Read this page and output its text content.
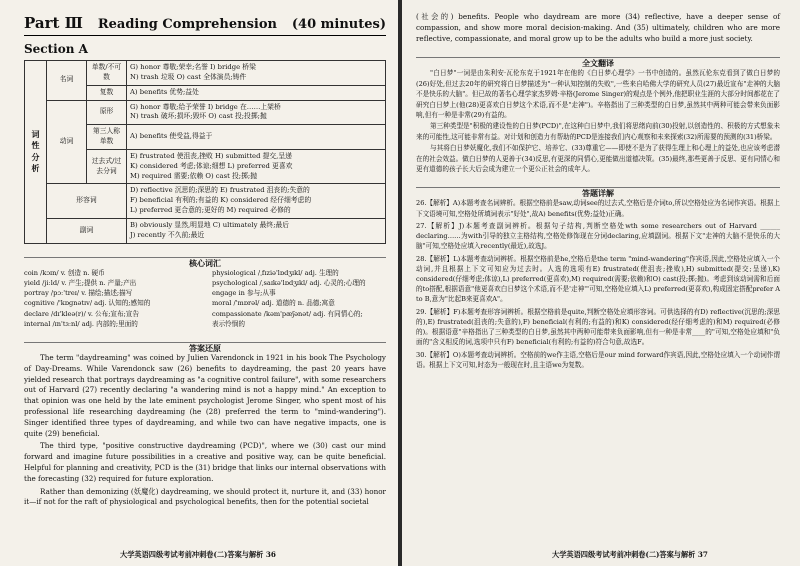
Part Ⅲ Reading Comprehension (40 minutes)
Section A
词性分析	名词	单数/不可数	G) honor 尊敬;荣幸;名誉 I) bridge 桥梁
N) trash 垃圾 O) cast 全体演员;铸件
		复数	A) benefits 优势;益处
	动词	原形	G) honor 尊敬;给予荣誉 I) bridge 在……上架桥
N) trash 破坏;损坏;毁坏 O) cast 投;投掷;抛
		第三人称单数	A) benefits 使受益,得益于
		过去式/过去分词	E) frustrated 使沮丧,挫败 H) submitted 提交,呈递
K) considered 考虑;体谅;细想 L) preferred 更喜欢
M) required 需要;依赖 O) cast 投;掷;抛
	形容词		D) reflective 沉思的;深思的 E) frustrated 沮丧的;失意的
F) beneficial 有利的;有益的 K) considered 经仔细考虑的
L) preferred 更合意的;更好的 M) required 必修的
	副词		B) obviously 显然,明显地 C) ultimately 最终;最后
J) recently 不久前;最近
核心词汇
coin /kɔɪn/ v. 创造 n. 硬币	physiological /ˌfɪziə'lɒdʒɪkl/ adj. 生理的
yield /jiːld/ v. 产生;提供 n. 产量;产出	psychological /ˌsaɪkə'lɒdʒɪkl/ adj. 心灵的;心理的
portray /pɔː'treɪ/ v. 描绘;描述;描写	engage in 参与;从事
cognitive /'kɒɡnətɪv/ adj. 认知的;感知的	moral /'mɒrəl/ adj. 道德的 n. 品德;寓意
declare /dɪ'kleə(r)/ v. 公布;宣布;宣告	compassionate /kəm'pæʃənət/ adj. 有同情心的;
internal /ɪn'tɜːnl/ adj. 内部的;里面的	表示怜悯的
答案还原

The term "daydreaming" was coined by Julien Varendonck in 1921 in his book The Psychology of Day-Dreams. While Varendonck saw (26) benefits to daydreaming, the past 20 years have yielded research that portrays daydreaming as "a cognitive control failure", with some researchers out of Harvard (27) recently declaring "a wandering mind is not a happy mind." An exception to that opinion was one held by the late eminent psychologist Jerome Singer, who spent most of his professional life researching daydreaming (he (28) preferred the term to "mind-wandering"). Singer identified three types of daydreaming, and while two can have negative impacts, one is quite (29) beneficial.

The third type, "positive constructive daydreaming (PCD)", where we (30) cast our mind forward and imagine future possibilities in a creative and positive way, can be quite beneficial. Helpful for planning and creativity, PCD is the (31) bridge that links our internal observations with the forecasting (32) required for future exploration.

Rather than demonizing (妖魔化) daydreaming, we should protect it, nurture it, and (33) honor it—if not for the raft of physiological and psychological benefits, then for the potential societal

大学英语四级考试考前冲刺卷(二)答案与解析 36

(社会的) benefits. People who daydream are more (34) reflective, have a deeper sense of compassion, and show more moral decision-making. And (35) ultimately, children who are more reflective, compassionate, and moral grow up to be the adults who build a more just society.

全文翻译

"白日梦"一词是由朱利安·瓦伦东克于1921年在他的《白日梦心理学》一书中创造的。虽然瓦伦东克看到了做白日梦的(26)好处,但过去20年的研究将白日梦描述为"一种认知控制的失败",一些来自哈佛大学的研究人员(27)最近宣布"走神的大脑不是快乐的大脑"。但已故的著名心理学家杰罗姆·辛格(Jerome Singer)的观点是个例外,他把职业生涯的大部分时间都花在了研究白日梦上(他(28)更喜欢白日梦这个术语,而不是"走神")。辛格指出了三种类型的白日梦,虽然其中两种可能会带来负面影响,但有一种是非常(29)有益的。

第三种类型是"积极的建设性的白日梦(PCD)",在这种白日梦中,我们将思绪向前(30)投射,以创造性的、积极的方式想象未来的可能性,这可能非常有益。对计划和创造力有帮助的PCD是连接我们内心观察和未来探索(32)所需要的预测的(31)桥梁。

与其将白日梦妖魔化,我们不如保护它、培养它、(33)尊重它——即使不是为了获得生理上和心理上的益处,也应该考虑潜在的社会效益。做白日梦的人更善于(34)反思,有更深的同情心,更能做出道德决策。(35)最终,那些更善于反思、更有同情心和更有道德的孩子长大后会成为建立一个更公正社会的成年人。

答题详解

26.【解析】A)本题考查名词辨析。根据空格前是saw,动词see的过去式,空格后是介词to,所以空格处应为名词作宾语。根据上下文语境可知,空格处所填词表示"好处",故A) benefits(优势;益处)正确。

27.【解析】J)本题考查副词辨析。根据句子结构,判断空格处wth some researchers out of Harvard ______ declaring……为with引导的独立主格结构,空格处修饰现在分词declaring,应填副词。根据下文"走神的大脑不是快乐的大脑"可知,空格处应填入recently(最近),故选J。

28.【解析】L)本题考查动词辨析。根据空格前是he,空格后是the term "mind-wandering"作宾语,因此,空格处应填入一个动词,并且根据上下文可知应为过去时。人选的选项有E) frustrated(使沮丧;挫败),H) submitted(提交;呈递),K) considered(仔细考虑;体谅),L) preferred(更喜欢),M) required(需要;依赖)和O) cast(投;掷;抛)。考虑到该动词需和后面的to搭配,根据语意"他更喜欢白日梦这个术语,而不是'走神'"可知,空格处应填入L) preferred(更喜欢),构成固定搭配prefer A to B,意为"比起B来更喜欢A"。

29.【解析】F)本题考查形容词辨析。根据空格前是quite,判断空格处应填形容词。可供选择的有D) reflective(沉思的;深思的),E) frustrated(沮丧的;失意的),F) beneficial(有利的;有益的)和K) considered(经仔细考虑的)和M) required(必修的)。根据语意"辛格指出了三种类型的白日梦,虽然其中两种可能带来负面影响,但有一种是非常____的"可知,空格处应填和"负面的"含义相反的词,选项中只有F) beneficial(有利的;有益的)符合句意,故选F。

30.【解析】O)本题考查动词辨析。空格前的we作主语,空格后是our mind forward作宾语,因此,空格处应填入一个动词作谓语。根据上下文可知,时态为一般现在时,且主语we为复数。

大学英语四级考试考前冲刺卷(二)答案与解析 37
